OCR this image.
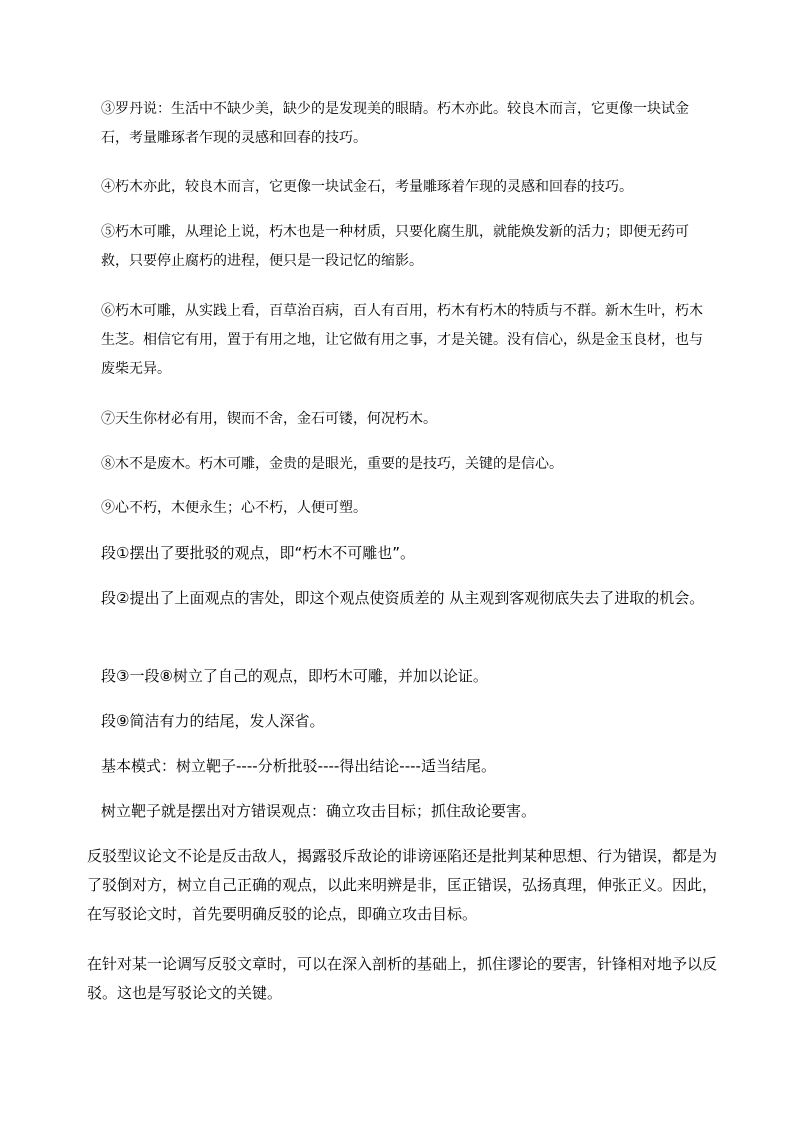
③罗丹说：生活中不缺少美，缺少的是发现美的眼睛。朽木亦此。较良木而言，它更像一块试金石，考量雕琢者乍现的灵感和回春的技巧。

④朽木亦此，较良木而言，它更像一块试金石，考量雕琢着乍现的灵感和回春的技巧。

⑤朽木可雕，从理论上说，朽木也是一种材质，只要化腐生肌，就能焕发新的活力；即便无药可救，只要停止腐朽的进程，便只是一段记忆的缩影。

⑥朽木可雕，从实践上看，百草治百病，百人有百用，朽木有朽木的特质与不群。新木生叶，朽木生芝。相信它有用，置于有用之地，让它做有用之事，才是关键。没有信心，纵是金玉良材，也与废柴无异。

⑦天生你材必有用，锲而不舍，金石可镂，何况朽木。

⑧木不是废木。朽木可雕，金贵的是眼光，重要的是技巧，关键的是信心。

⑨心不朽，木便永生；心不朽，人便可塑。

段①摆出了要批驳的观点，即“朽木不可雕也”。

段②提出了上面观点的害处，即这个观点使资质差的 从主观到客观彻底失去了进取的机会。

段③一段⑧树立了自己的观点，即朽木可雕，并加以论证。

段⑨简洁有力的结尾，发人深省。

基本模式：树立靶子----分析批驳----得出结论----适当结尾。

树立靶子就是摆出对方错误观点：确立攻击目标；抓住敌论要害。

反驳型议论文不论是反击敌人，揭露驳斥敌论的诽谤诬陷还是批判某种思想、行为错误，都是为了驳倒对方，树立自己正确的观点，以此来明辨是非，匡正错误，弘扬真理，伸张正义。因此，在写驳论文时，首先要明确反驳的论点，即确立攻击目标。

在针对某一论调写反驳文章时，可以在深入剖析的基础上，抓住谬论的要害，针锋相对地予以反驳。这也是写驳论文的关键。
